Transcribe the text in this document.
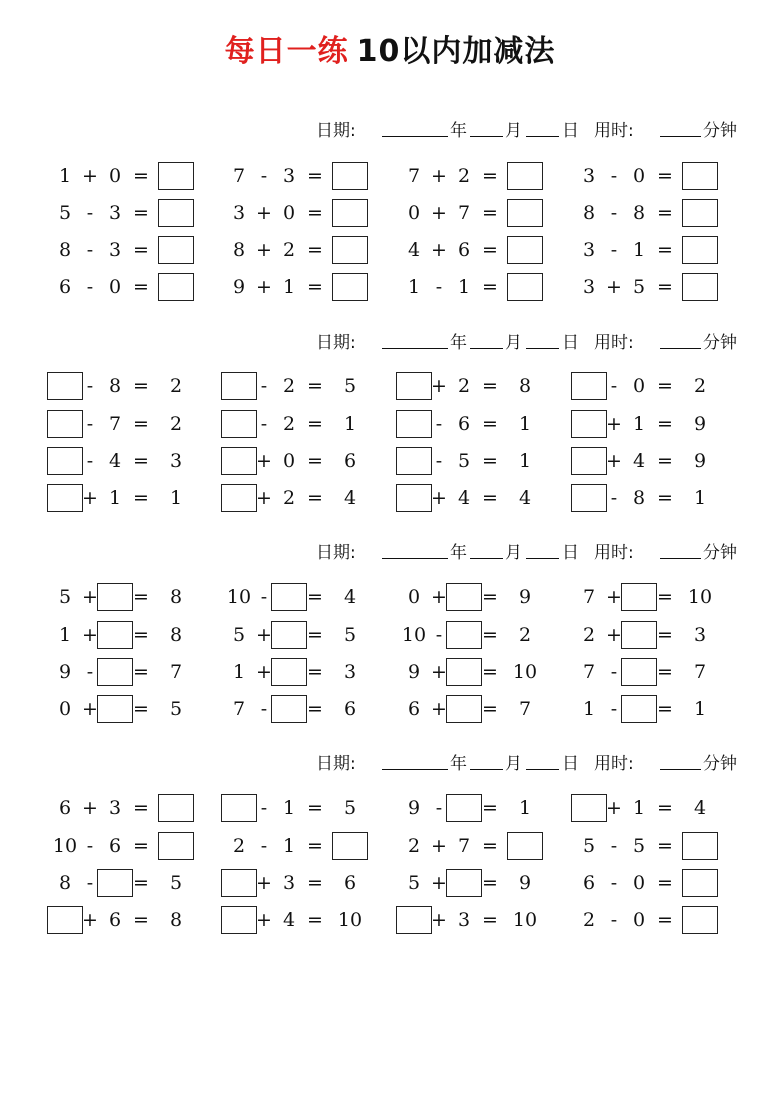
每日一练 10以内加减法
日期:	年 月 日 用时:	分钟
1 + 0 =	7 - 3 =	7 + 2 =	3 - 0 =
5 - 3 =	3 + 0 =	0 + 7 =	8 - 8 =
8 - 3 =	8 + 2 =	4 + 6 =	3 - 1 =
6 - 0 =	9 + 1 =	1 - 1 =	3 + 5 =
日期:	年 月 日 用时:	分钟
- 8 = 2	- 2 = 5	+ 2 = 8	- 0 = 2
- 7 = 2	- 2 = 1	- 6 = 1	+ 1 = 9
- 4 = 3	+ 0 = 6	- 5 = 1	+ 4 = 9
+ 1 = 1	+ 2 = 4	+ 4 = 4	- 8 = 1
日期:	年 月 日 用时:	分钟
5 + = 8 10 - = 4	0 + = 9	7 + = 10
1 + = 8	5 + = 5 10 - = 2	2 + = 3
9 - = 7	1 + = 3	9 + = 10 7 - = 7
0 + = 5	7 - = 6	6 + = 7	1 - = 1
日期:	年 月 日 用时:	分钟
6 + 3 =	- 1 = 5	9 - = 1	+ 1 = 4
10 - 6 =	2 - 1 =	2 + 7 =	5 - 5 =
8 - = 5	+ 3 = 6	5 + = 9	6 - 0 =
+ 6 = 8	+ 4 = 10	+ 3 = 10 2 - 0 =
